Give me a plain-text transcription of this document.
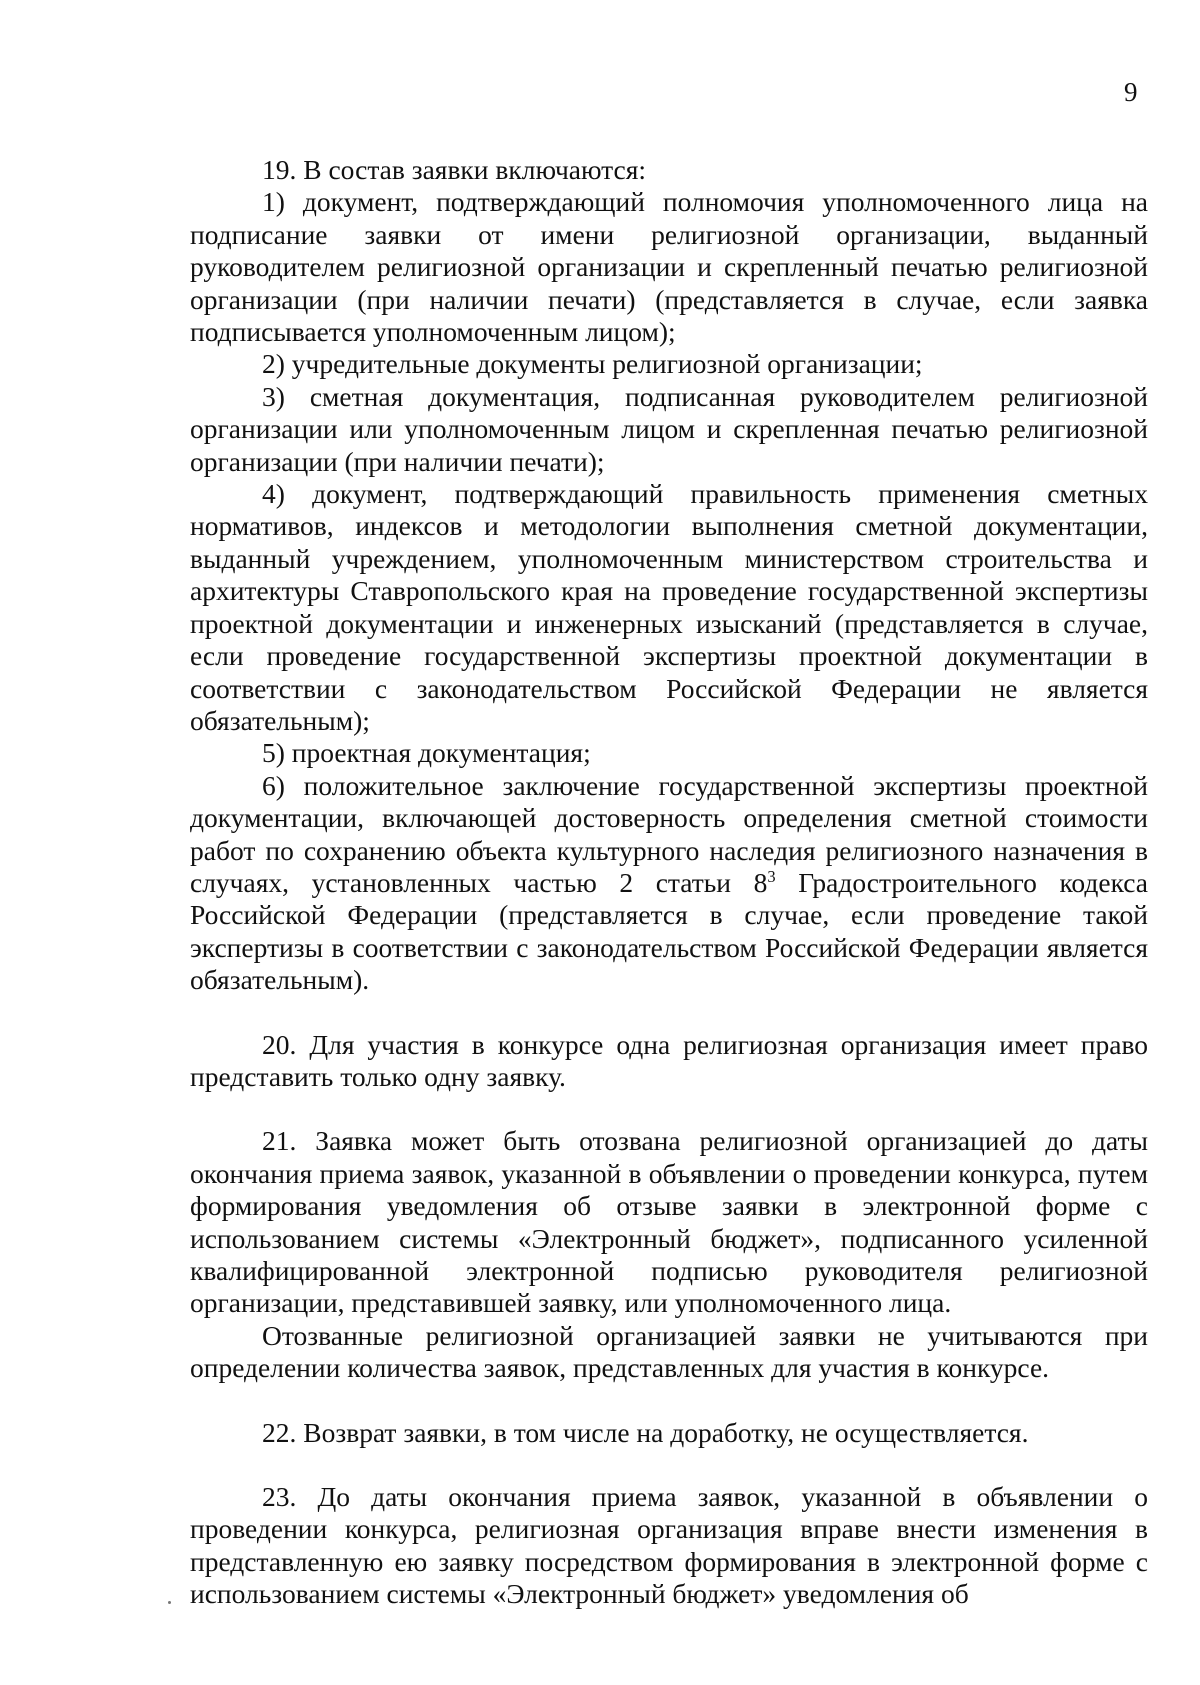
9

19. В состав заявки включаются:

1) документ, подтверждающий полномочия уполномоченного лица на подписание заявки от имени религиозной организации, выданный руководителем религиозной организации и скрепленный печатью религиозной организации (при наличии печати) (представляется в случае, если заявка подписывается уполномоченным лицом);

2) учредительные документы религиозной организации;

3) сметная документация, подписанная руководителем религиозной организации или уполномоченным лицом и скрепленная печатью религиозной организации (при наличии печати);

4) документ, подтверждающий правильность применения сметных нормативов, индексов и методологии выполнения сметной документации, выданный учреждением, уполномоченным министерством строительства и архитектуры Ставропольского края на проведение государственной экспертизы проектной документации и инженерных изысканий (представляется в случае, если проведение государственной экспертизы проектной документации в соответствии с законодательством Российской Федерации не является обязательным);

5) проектная документация;

6) положительное заключение государственной экспертизы проектной документации, включающей достоверность определения сметной стоимости работ по сохранению объекта культурного наследия религиозного назначения в случаях, установленных частью 2 статьи $8^3$ Градостроительного кодекса Российской Федерации (представляется в случае, если проведение такой экспертизы в соответствии с законодательством Российской Федерации является обязательным).

20. Для участия в конкурсе одна религиозная организация имеет право представить только одну заявку.

21. Заявка может быть отозвана религиозной организацией до даты окончания приема заявок, указанной в объявлении о проведении конкурса, путем формирования уведомления об отзыве заявки в электронной форме с использованием системы «Электронный бюджет», подписанного усиленной квалифицированной электронной подписью руководителя религиозной организации, представившей заявку, или уполномоченного лица.

Отозванные религиозной организацией заявки не учитываются при определении количества заявок, представленных для участия в конкурсе.

22. Возврат заявки, в том числе на доработку, не осуществляется.

23. До даты окончания приема заявок, указанной в объявлении о проведении конкурса, религиозная организация вправе внести изменения в представленную ею заявку посредством формирования в электронной форме с использованием системы «Электронный бюджет» уведомления об
